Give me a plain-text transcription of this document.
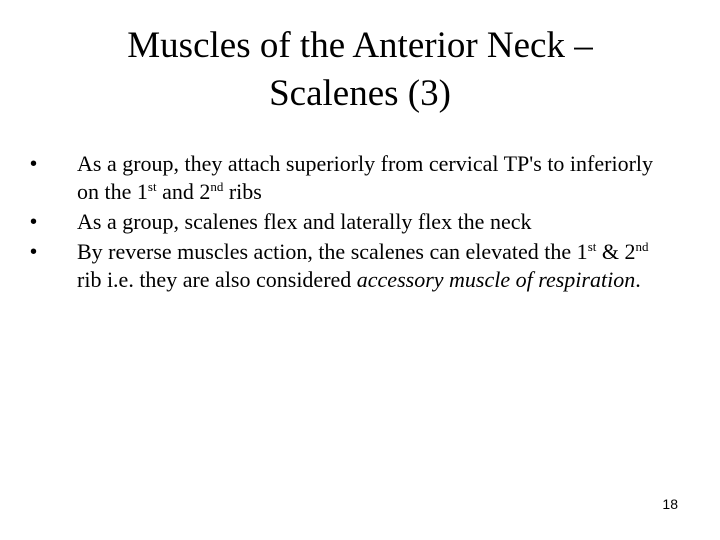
Muscles of the Anterior Neck –
Scalenes (3)
•	As a group, they attach superiorly from cervical TP's to inferiorly on the 1st and 2nd ribs
•	As a group, scalenes flex and laterally flex the neck
•	By reverse muscles action, the scalenes can elevated the 1st & 2nd rib i.e. they are also considered accessory muscle of respiration.
18
